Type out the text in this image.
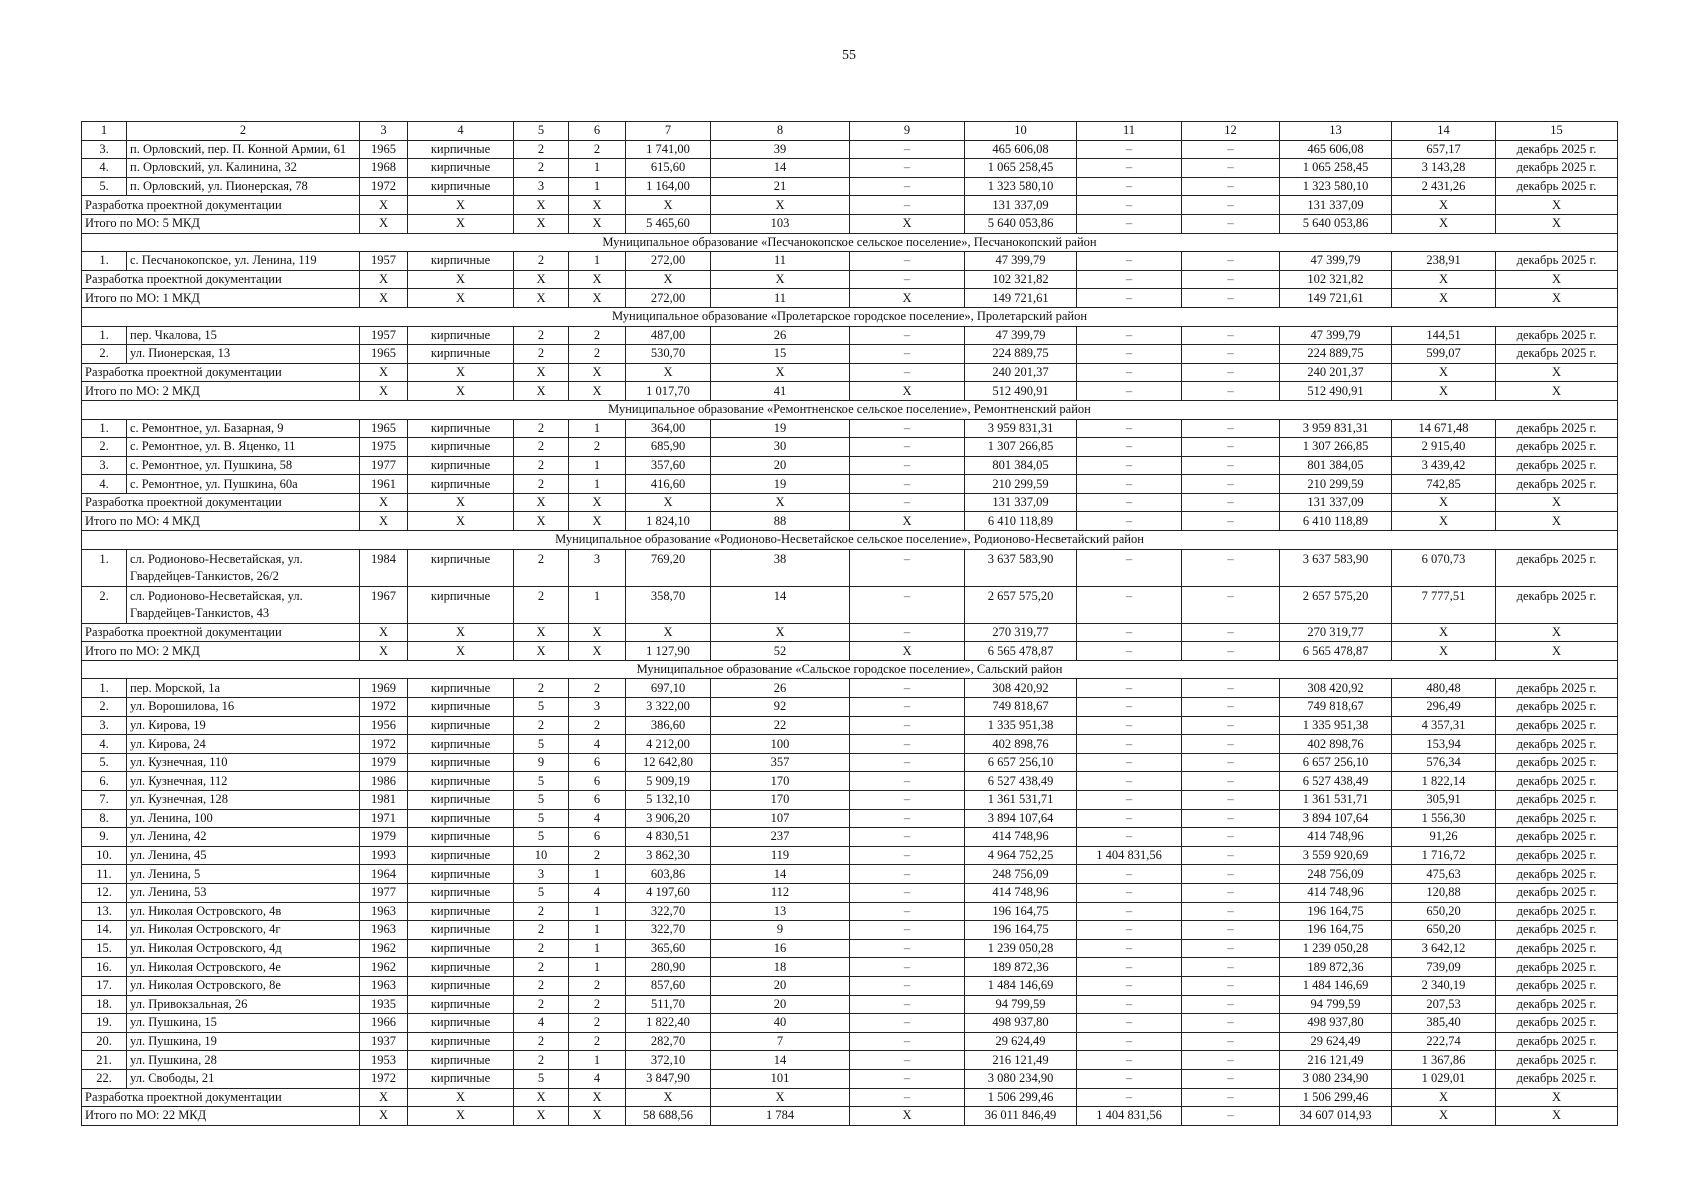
55
1	2	3	4	5	6	7	8	9	10	11	12	13	14	15
3.	п. Орловский, пер. П. Конной Армии, 61	1965	кирпичные	2	2	1 741,00	39	–	465 606,08	–	–	465 606,08	657,17	декабрь 2025 г.
4.	п. Орловский, ул. Калинина, 32	1968	кирпичные	2	1	615,60	14	–	1 065 258,45	–	–	1 065 258,45	3 143,28	декабрь 2025 г.
5.	п. Орловский, ул. Пионерская, 78	1972	кирпичные	3	1	1 164,00	21	–	1 323 580,10	–	–	1 323 580,10	2 431,26	декабрь 2025 г.
Разработка проектной документации		Х	Х	Х	Х	Х	Х	–	131 337,09	–	–	131 337,09	Х	Х
Итого по МО: 5 МКД		Х	Х	Х	Х	5 465,60	103	Х	5 640 053,86	–	–	5 640 053,86	Х	Х
Муниципальное образование «Песчанокопское сельское поселение», Песчанокопский район														
1.	с. Песчанокопское, ул. Ленина, 119	1957	кирпичные	2	1	272,00	11	–	47 399,79	–	–	47 399,79	238,91	декабрь 2025 г.
Разработка проектной документации		Х	Х	Х	Х	Х	Х	–	102 321,82	–	–	102 321,82	Х	Х
Итого по МО: 1 МКД		Х	Х	Х	Х	272,00	11	Х	149 721,61	–	–	149 721,61	Х	Х
Муниципальное образование «Пролетарское городское поселение», Пролетарский район														
1.	пер. Чкалова, 15	1957	кирпичные	2	2	487,00	26	–	47 399,79	–	–	47 399,79	144,51	декабрь 2025 г.
2.	ул. Пионерская, 13	1965	кирпичные	2	2	530,70	15	–	224 889,75	–	–	224 889,75	599,07	декабрь 2025 г.
Разработка проектной документации		Х	Х	Х	Х	Х	Х	–	240 201,37	–	–	240 201,37	Х	Х
Итого по МО: 2 МКД		Х	Х	Х	Х	1 017,70	41	Х	512 490,91	–	–	512 490,91	Х	Х
Муниципальное образование «Ремонтненское сельское поселение», Ремонтненский район														
1.	с. Ремонтное, ул. Базарная, 9	1965	кирпичные	2	1	364,00	19	–	3 959 831,31	–	–	3 959 831,31	14 671,48	декабрь 2025 г.
2.	с. Ремонтное, ул. В. Яценко, 11	1975	кирпичные	2	2	685,90	30	–	1 307 266,85	–	–	1 307 266,85	2 915,40	декабрь 2025 г.
3.	с. Ремонтное, ул. Пушкина, 58	1977	кирпичные	2	1	357,60	20	–	801 384,05	–	–	801 384,05	3 439,42	декабрь 2025 г.
4.	с. Ремонтное, ул. Пушкина, 60а	1961	кирпичные	2	1	416,60	19	–	210 299,59	–	–	210 299,59	742,85	декабрь 2025 г.
Разработка проектной документации		Х	Х	Х	Х	Х	Х	–	131 337,09	–	–	131 337,09	Х	Х
Итого по МО: 4 МКД		Х	Х	Х	Х	1 824,10	88	Х	6 410 118,89	–	–	6 410 118,89	Х	Х
Муниципальное образование «Родионово-Несветайское сельское поселение», Родионово-Несветайский район														
1.	сл. Родионово-Несветайская, ул. Гвардейцев-Танкистов, 26/2	1984	кирпичные	2	3	769,20	38	–	3 637 583,90	–	–	3 637 583,90	6 070,73	декабрь 2025 г.
2.	сл. Родионово-Несветайская, ул. Гвардейцев-Танкистов, 43	1967	кирпичные	2	1	358,70	14	–	2 657 575,20	–	–	2 657 575,20	7 777,51	декабрь 2025 г.
Разработка проектной документации		Х	Х	Х	Х	Х	Х	–	270 319,77	–	–	270 319,77	Х	Х
Итого по МО: 2 МКД		Х	Х	Х	Х	1 127,90	52	Х	6 565 478,87	–	–	6 565 478,87	Х	Х
Муниципальное образование «Сальское городское поселение», Сальский район														
1.	пер. Морской, 1а	1969	кирпичные	2	2	697,10	26	–	308 420,92	–	–	308 420,92	480,48	декабрь 2025 г.
2.	ул. Ворошилова, 16	1972	кирпичные	5	3	3 322,00	92	–	749 818,67	–	–	749 818,67	296,49	декабрь 2025 г.
3.	ул. Кирова, 19	1956	кирпичные	2	2	386,60	22	–	1 335 951,38	–	–	1 335 951,38	4 357,31	декабрь 2025 г.
4.	ул. Кирова, 24	1972	кирпичные	5	4	4 212,00	100	–	402 898,76	–	–	402 898,76	153,94	декабрь 2025 г.
5.	ул. Кузнечная, 110	1979	кирпичные	9	6	12 642,80	357	–	6 657 256,10	–	–	6 657 256,10	576,34	декабрь 2025 г.
6.	ул. Кузнечная, 112	1986	кирпичные	5	6	5 909,19	170	–	6 527 438,49	–	–	6 527 438,49	1 822,14	декабрь 2025 г.
7.	ул. Кузнечная, 128	1981	кирпичные	5	6	5 132,10	170	–	1 361 531,71	–	–	1 361 531,71	305,91	декабрь 2025 г.
8.	ул. Ленина, 100	1971	кирпичные	5	4	3 906,20	107	–	3 894 107,64	–	–	3 894 107,64	1 556,30	декабрь 2025 г.
9.	ул. Ленина, 42	1979	кирпичные	5	6	4 830,51	237	–	414 748,96	–	–	414 748,96	91,26	декабрь 2025 г.
10.	ул. Ленина, 45	1993	кирпичные	10	2	3 862,30	119	–	4 964 752,25	1 404 831,56	–	3 559 920,69	1 716,72	декабрь 2025 г.
11.	ул. Ленина, 5	1964	кирпичные	3	1	603,86	14	–	248 756,09	–	–	248 756,09	475,63	декабрь 2025 г.
12.	ул. Ленина, 53	1977	кирпичные	5	4	4 197,60	112	–	414 748,96	–	–	414 748,96	120,88	декабрь 2025 г.
13.	ул. Николая Островского, 4в	1963	кирпичные	2	1	322,70	13	–	196 164,75	–	–	196 164,75	650,20	декабрь 2025 г.
14.	ул. Николая Островского, 4г	1963	кирпичные	2	1	322,70	9	–	196 164,75	–	–	196 164,75	650,20	декабрь 2025 г.
15.	ул. Николая Островского, 4д	1962	кирпичные	2	1	365,60	16	–	1 239 050,28	–	–	1 239 050,28	3 642,12	декабрь 2025 г.
16.	ул. Николая Островского, 4е	1962	кирпичные	2	1	280,90	18	–	189 872,36	–	–	189 872,36	739,09	декабрь 2025 г.
17.	ул. Николая Островского, 8е	1963	кирпичные	2	2	857,60	20	–	1 484 146,69	–	–	1 484 146,69	2 340,19	декабрь 2025 г.
18.	ул. Привокзальная, 26	1935	кирпичные	2	2	511,70	20	–	94 799,59	–	–	94 799,59	207,53	декабрь 2025 г.
19.	ул. Пушкина, 15	1966	кирпичные	4	2	1 822,40	40	–	498 937,80	–	–	498 937,80	385,40	декабрь 2025 г.
20.	ул. Пушкина, 19	1937	кирпичные	2	2	282,70	7	–	29 624,49	–	–	29 624,49	222,74	декабрь 2025 г.
21.	ул. Пушкина, 28	1953	кирпичные	2	1	372,10	14	–	216 121,49	–	–	216 121,49	1 367,86	декабрь 2025 г.
22.	ул. Свободы, 21	1972	кирпичные	5	4	3 847,90	101	–	3 080 234,90	–	–	3 080 234,90	1 029,01	декабрь 2025 г.
Разработка проектной документации		Х	Х	Х	Х	Х	Х	–	1 506 299,46	–	–	1 506 299,46	Х	Х
Итого по МО: 22 МКД		Х	Х	Х	Х	58 688,56	1 784	Х	36 011 846,49	1 404 831,56	–	34 607 014,93	Х	Х
